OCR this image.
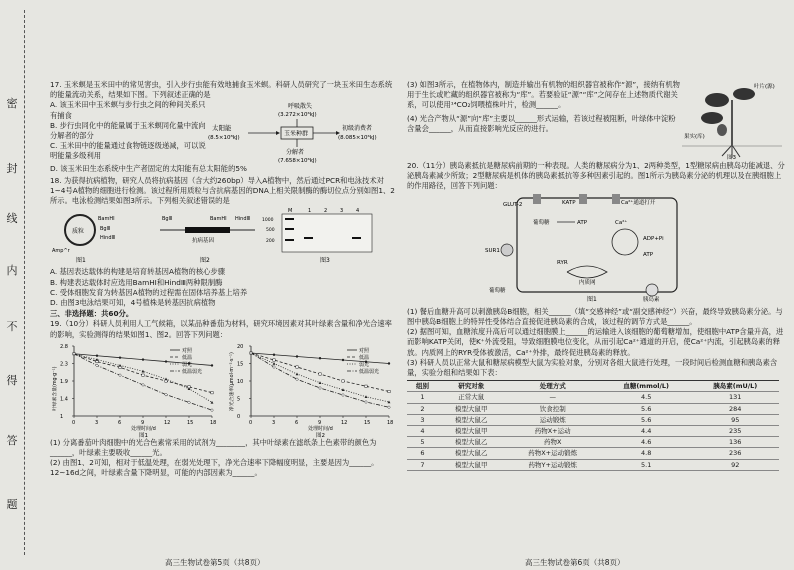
密
封
线
内
不
得
答
题

17. 玉米螟是玉米田中的常见害虫，引入步行虫能有效地捕食玉米螟。科研人员研究了一块玉米田生态系统的能量流动关系，结果如下图。下列叙述正确的是

A. 该玉米田中玉米螟与步行虫之间的种间关系只有捕食

B. 步行虫同化中的能量属于玉米螟同化量中流向分解者的部分

C. 玉米田中的能量通过食物链逐级递减，可以说明能量多级利用

太阳能
(8.5×10⁸kJ)
玉米种群
呼吸散失
(3.272×10⁶kJ)
初级消费者
(8.085×10⁶kJ)
分解者
(7.658×10⁶kJ)

D. 该玉米田生态系统中生产者固定的太阳能有总太阳能的5%

18. 为获得抗病植物，研究人员将抗病基因（含大约260bp）导入A植物中，然后通过PCR和电泳技术对1~4号A植物的细胞进行检测。该过程所用质粒与含抗病基因的DNA上相关限制酶的酶切位点分别如图1、2所示。电泳检测结果如图3所示。下列相关叙述错误的是

质粒
BamHⅠ
BglⅡ
HindⅢ
Amp^r
图1
BglⅡ	BamHⅠ HindⅢ
抗病基因
图2
M	1	2	3	4
1000
500
200
图3

A. 基因表达载体的构建是培育转基因A植物的核心步骤

B. 构建表达载体时应选用BamHⅠ和HindⅢ两种限制酶

C. 受体细胞发育为转基因A植物的过程需在固体培养基上培养

D. 由图3电泳结果可知，4号植株是转基因抗病植物

三、非选择题：共60分。

19.（10分）科研人员利用人工气候箱，以某品种番茄为材料，研究环境因素对其叶绿素含量和净光合速率的影响，实验测得的结果如图1、图2。回答下列问题：

0	3	6	9	12	15	18
1
1.4
1.9
2.3
2.8
叶绿素含量(mg·g⁻¹)
处理时间/d
图1
对照
低温
弱光
低温弱光
0	3	6	9	12	15	18
0
5
10
15
20
净光合速率(μmol·m⁻²·s⁻¹)
处理时间/d
图2
对照
低温
弱光
低温弱光

(1) 分离番茄叶肉细胞中的光合色素常采用的试剂为________，其中叶绿素在滤纸条上色素带的颜色为______，叶绿素主要吸收______光。

(2) 由图1、2可知，相对于低温处理，在弱光处理下，净光合速率下降幅度明显，主要是因为______。

12~16d之间，叶绿素含量下降明显，可能的内部因素为______。

高三生物试卷第5页（共8页）

(3) 如图3所示，在植物体内，制造并输出有机物的组织器官被称作“源”，接纳有机物用于生长或贮藏的组织器官被称为“库”。若要验证“源”“库”之间存在上述物质代谢关系，可以使用¹⁴CO₂饲喂植株叶片，检测______。

(4) 光合产物从“源”向“库”主要以______形式运输，若该过程被阻断，叶绿体中淀粉含量会______，从而直接影响光反应的进行。

叶片(源)
果实(库)
图3

20.（11分）胰岛素抵抗是糖尿病前期的一种表现。人类的糖尿病分为1、2两种类型，1型糖尿病由胰岛功能减退、分泌胰岛素减少所致；2型糖尿病是机体的胰岛素抵抗等多种因素引起的。图1所示为胰岛素分泌的机理以及在胰细胞上的作用路径，回答下列问题：

GLUT-2	KATP	Ca²⁺通道打开
葡萄糖	ATP	Ca²⁺
ADP+Pi
ATP
SUR1
RYR
内质网
胰岛素
葡萄糖
图1

(1) 餐后血糖升高可以刺激胰岛B细胞，相关______（填“交感神经”或“副交感神经”）兴奋，最终导致胰岛素分泌。与图中胰岛B细胞上的特异性受体结合直接促进胰岛素的合成，该过程的调节方式是______。

(2) 据图可知，血糖浓度升高后可以通过细胞膜上______的运输进入该细胞的葡萄糖增加，使细胞中ATP含量升高，进而影响KATP关闭，使K⁺外流受阻，导致细胞膜电位变化，从而引起Ca²⁺通道的开启，使Ca²⁺内流，引起胰岛素的释放。内质网上的RYR受体被激活，Ca²⁺外排，最终促进胰岛素的释放。

(3) 科研人员以正常大鼠和糖尿病模型大鼠为实验对象，分别对各组大鼠进行处理，一段时间后检测血糖和胰岛素含量，实验分组和结果如下表：

组别	研究对象	处理方式	血糖(mmol/L)	胰岛素(mU/L)
1	正常大鼠	—	4.5	131
2	模型大鼠甲	饮食控制	5.6	284
3	模型大鼠乙	运动锻炼	5.6	95
4	模型大鼠甲	药物X+运动	4.4	235
5	模型大鼠乙	药物X	4.6	136
6	模型大鼠乙	药物X+运动锻炼	4.8	236
7	模型大鼠甲	药物Y+运动锻炼	5.1	92
高三生物试卷第6页（共8页）
